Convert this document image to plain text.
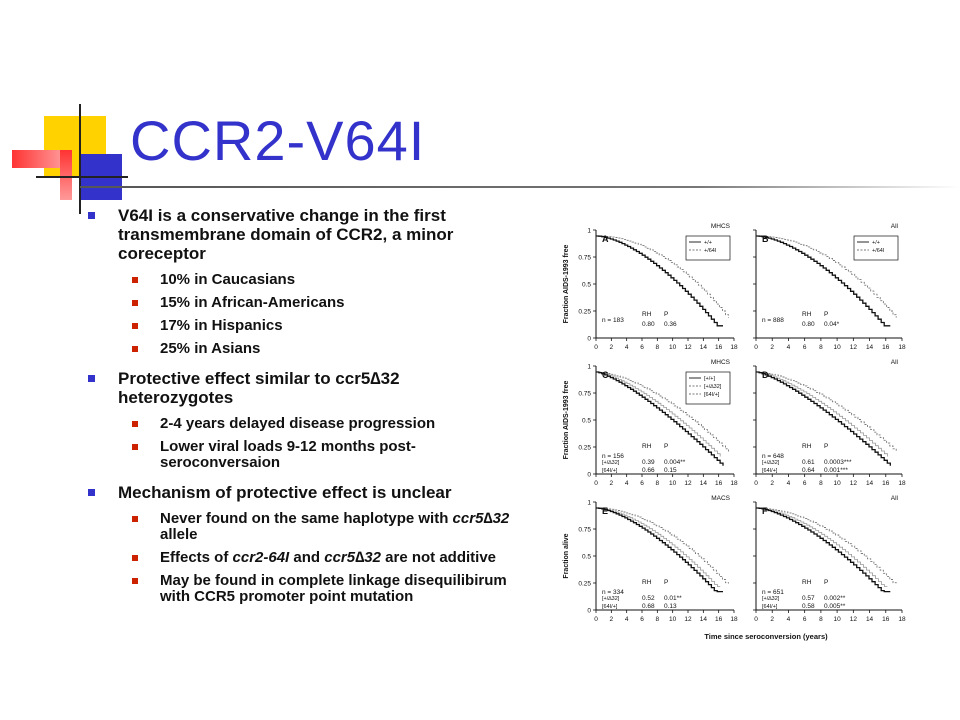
CCR2-V64I
V64I is a conservative change in the first transmembrane domain of CCR2, a minor coreceptor
10% in Caucasians
15% in African-Americans
17% in Hispanics
25% in Asians
Protective effect similar to ccr5∆32 heterozygotes
2-4 years delayed disease progression
Lower viral loads 9-12 months post-seroconversaion
Mechanism of protective effect is unclear
Never found on the same haplotype with ccr5∆32 allele
Effects of ccr2-64I and ccr5∆32 are not additive
May be found in complete linkage disequilibirum with CCR5 promoter point mutation
0
0.25
0.5
0.75
1
0 2 4 6 8 10 12 14 16 18
A
MHCS
+/+
+/64I
n = 183
RH P
0.80 0.36
0 2 4 6 8 10 12 14 16 18
B
All
+/+
+/64I
n = 888
RH P
0.80 0.04*
Fraction AIDS-1993 free
0
0.25
0.5
0.75
1
0 2 4 6 8 10 12 14 16 18
C
MHCS
[+/+]
[+/∆32]
[64I/+]
n = 156
RH P
[+/∆32]	0.39 0.004**
[64I/+]	0.66 0.15
0 2 4 6 8 10 12 14 16 18
D
All
n = 648
RH P
[+/∆32]	0.61 0.0003***
[64I/+]	0.64 0.001***
Fraction AIDS-1993 free
0
0.25
0.5
0.75
1
0 2 4 6 8 10 12 14 16 18
E
MACS
n = 334
RH P
[+/∆32]	0.52 0.01**
[64I/+]	0.68 0.13
0 2 4 6 8 10 12 14 16 18
F
All
n = 651
RH P
[+/∆32]	0.57 0.002**
[64I/+]	0.58 0.005**
Fraction alive
Time since seroconversion (years)
